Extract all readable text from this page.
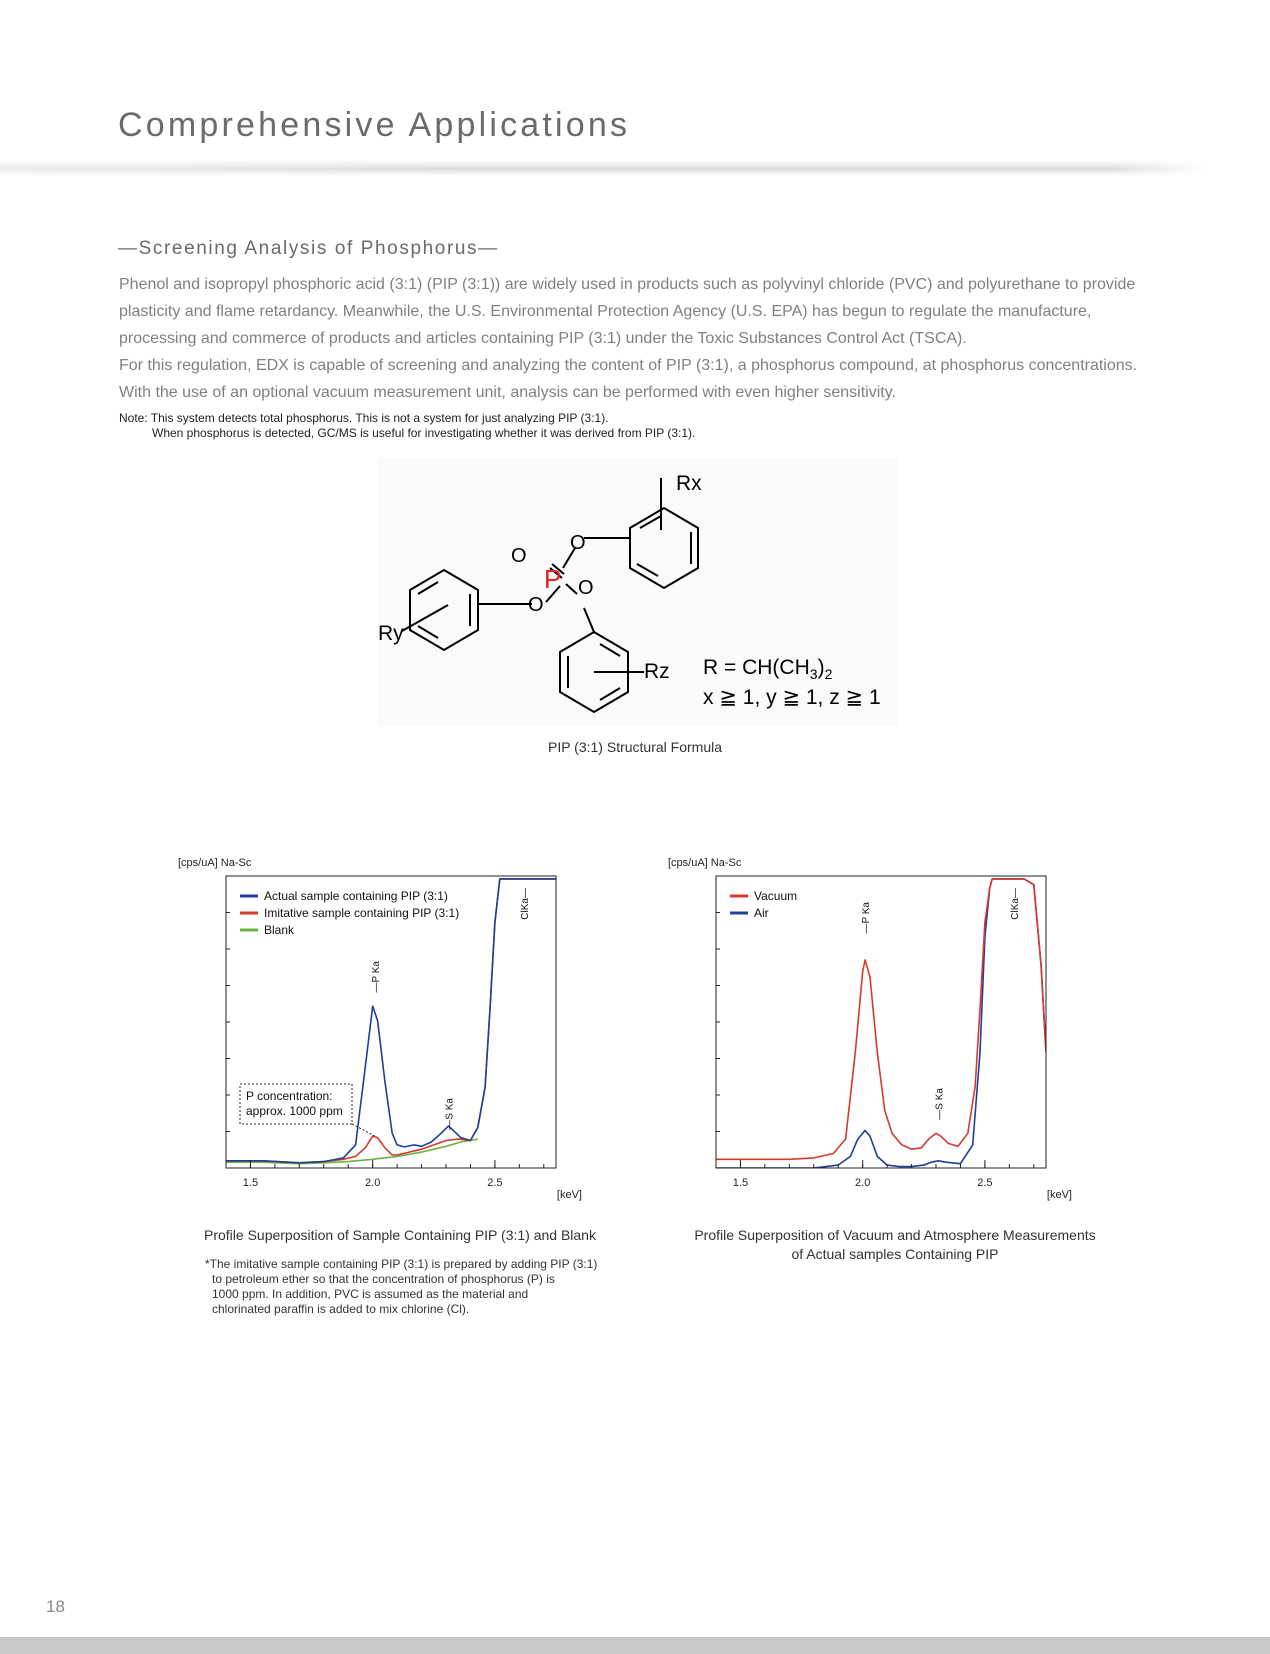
Comprehensive Applications
—Screening Analysis of Phosphorus—

Phenol and isopropyl phosphoric acid (3:1) (PIP (3:1)) are widely used in products such as polyvinyl chloride (PVC) and polyurethane to provide plasticity and flame retardancy. Meanwhile, the U.S. Environmental Protection Agency (U.S. EPA) has begun to regulate the manufacture, processing and commerce of products and articles containing PIP (3:1) under the Toxic Substances Control Act (TSCA).

For this regulation, EDX is capable of screening and analyzing the content of PIP (3:1), a phosphorus compound, at phosphorus concentrations. With the use of an optional vacuum measurement unit, analysis can be performed with even higher sensitivity.

Note: This system detects total phosphorus. This is not a system for just analyzing PIP (3:1).
When phosphorus is detected, GC/MS is useful for investigating whether it was derived from PIP (3:1).
Rx
Ry
Rz
O
O
O
O
P
$R = CH(CH_3)_2$
x ≧ 1, y ≧ 1, z ≧ 1
PIP (3:1) Structural Formula
1.5	2.0	2.5
[cps/uA] Na-Sc
[keV]
Actual sample containing PIP (3:1)
Imitative sample containing PIP (3:1)
Blank
—P Ka
—S Ka
ClKa—
P concentration:
approx. 1000 ppm
Profile Superposition of Sample Containing PIP (3:1) and Blank
1.5	2.0	2.5
[cps/uA] Na-Sc
[keV]
Vacuum
Air	—P Ka
—S Ka
ClKa—
Profile Superposition of Vacuum and Atmosphere Measurements
of Actual samples Containing PIP
*The imitative sample containing PIP (3:1) is prepared by adding PIP (3:1)
to petroleum ether so that the concentration of phosphorus (P) is
1000 ppm. In addition, PVC is assumed as the material and
chlorinated paraffin is added to mix chlorine (Cl).
18
